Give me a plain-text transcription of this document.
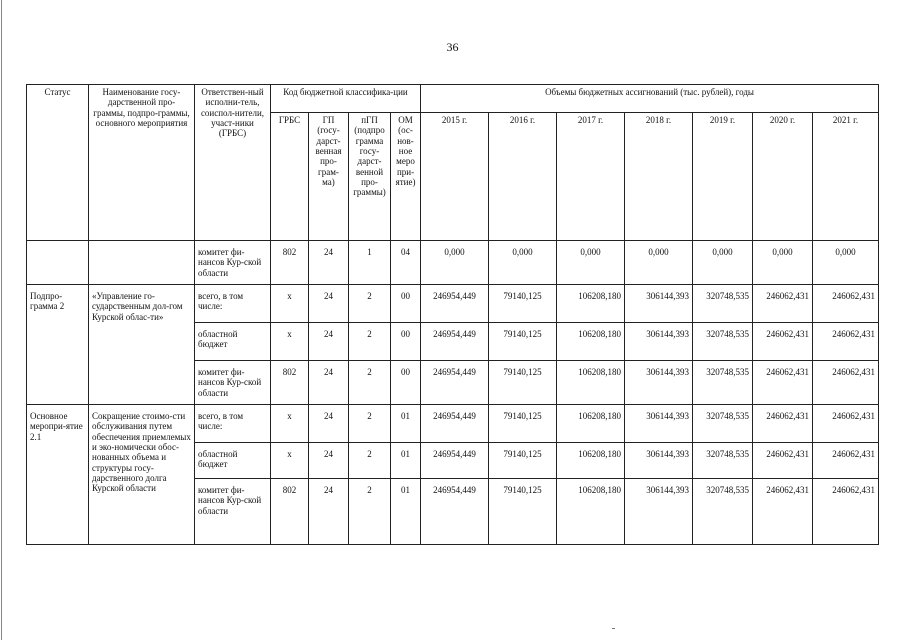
36
Статус	Наименование госу-дарственной про-граммы, подпро-граммы, основного мероприятия	Ответствен-ный исполни-тель, соиспол-нители, участ-ники (ГРБС)	Код бюджетной классифика-ции				Объемы бюджетных ассигнований (тыс. рублей), годы						
			ГРБС	ГП (госу-дарст-венная про-грам-ма)	пГП (подпро грамма госу-дарст-венной про-граммы)	ОМ (ос-нов-ное меро при-ятие)	2015 г.	2016 г.	2017 г.	2018 г.	2019 г.	2020 г.	2021 г.
		комитет фи-нансов Кур-ской области	802	24	1	04	0,000	0,000	0,000	0,000	0,000	0,000	0,000
Подпро-грамма 2	«Управление го-сударственным дол-гом Курской облас-ти»	всего, в том числе:	х	24	2	00	246954,449	79140,125	106208,180	306144,393	320748,535	246062,431	246062,431
		областной бюджет	х	24	2	00	246954,449	79140,125	106208,180	306144,393	320748,535	246062,431	246062,431
		комитет фи-нансов Кур-ской области	802	24	2	00	246954,449	79140,125	106208,180	306144,393	320748,535	246062,431	246062,431
Основное меропри-ятие 2.1	Сокращение стоимо-сти обслуживания путем обеспечения приемлемых и эко-номически обос-нованных объема и структуры госу-дарственного долга Курской области	всего, в том числе:	х	24	2	01	246954,449	79140,125	106208,180	306144,393	320748,535	246062,431	246062,431
		областной бюджет	х	24	2	01	246954,449	79140,125	106208,180	306144,393	320748,535	246062,431	246062,431
		комитет фи-нансов Кур-ской области	802	24	2	01	246954,449	79140,125	106208,180	306144,393	320748,535	246062,431	246062,431
